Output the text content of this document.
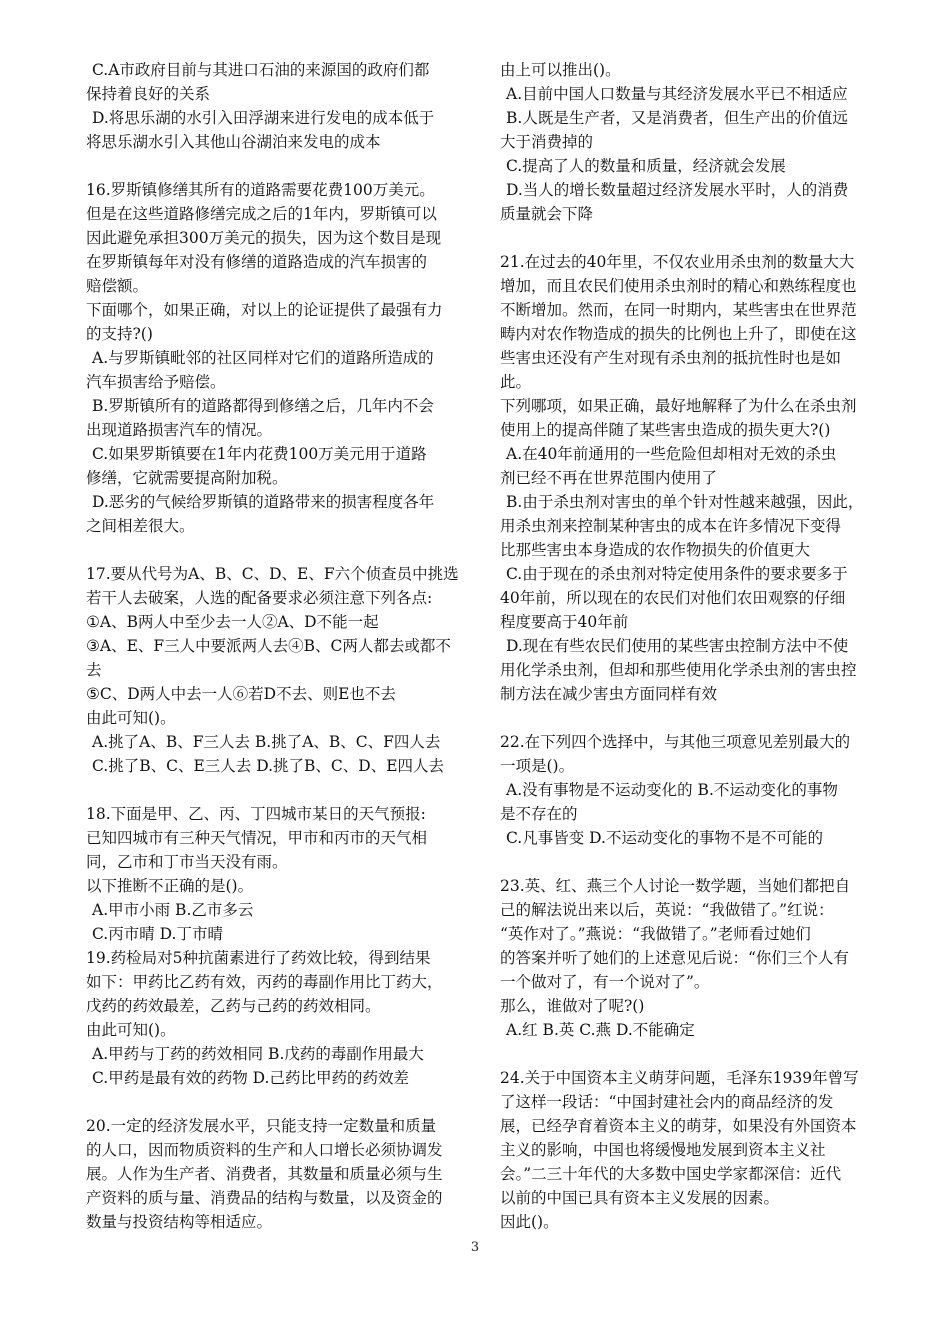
C.A市政府目前与其进口石油的来源国的政府们都
保持着良好的关系
D.将思乐湖的水引入田浮湖来进行发电的成本低于
将思乐湖水引入其他山谷湖泊来发电的成本
16.罗斯镇修缮其所有的道路需要花费100万美元。
但是在这些道路修缮完成之后的1年内，罗斯镇可以
因此避免承担300万美元的损失，因为这个数目是现
在罗斯镇每年对没有修缮的道路造成的汽车损害的
赔偿额。
下面哪个，如果正确，对以上的论证提供了最强有力
的支持?()
A.与罗斯镇毗邻的社区同样对它们的道路所造成的
汽车损害给予赔偿。
B.罗斯镇所有的道路都得到修缮之后，几年内不会
出现道路损害汽车的情况。
C.如果罗斯镇要在1年内花费100万美元用于道路
修缮，它就需要提高附加税。
D.恶劣的气候给罗斯镇的道路带来的损害程度各年
之间相差很大。
17.要从代号为A、B、C、D、E、F六个侦查员中挑选
若干人去破案，人选的配备要求必须注意下列各点:
①A、B两人中至少去一人②A、D不能一起
③A、E、F三人中要派两人去④B、C两人都去或都不
去
⑤C、D两人中去一人⑥若D不去、则E也不去
由此可知()。
A.挑了A、B、F三人去 B.挑了A、B、C、F四人去
C.挑了B、C、E三人去 D.挑了B、C、D、E四人去
18.下面是甲、乙、丙、丁四城市某日的天气预报:
已知四城市有三种天气情况，甲市和丙市的天气相
同，乙市和丁市当天没有雨。
以下推断不正确的是()。
A.甲市小雨 B.乙市多云
C.丙市晴 D.丁市晴
19.药检局对5种抗菌素进行了药效比较，得到结果
如下：甲药比乙药有效，丙药的毒副作用比丁药大，
戊药的药效最差，乙药与己药的药效相同。
由此可知()。
A.甲药与丁药的药效相同 B.戊药的毒副作用最大
C.甲药是最有效的药物 D.己药比甲药的药效差
20.一定的经济发展水平，只能支持一定数量和质量
的人口，因而物质资料的生产和人口增长必须协调发
展。人作为生产者、消费者，其数量和质量必须与生
产资料的质与量、消费品的结构与数量，以及资金的
数量与投资结构等相适应。
由上可以推出()。
A.目前中国人口数量与其经济发展水平已不相适应
B.人既是生产者，又是消费者，但生产出的价值远
大于消费掉的
C.提高了人的数量和质量，经济就会发展
D.当人的增长数量超过经济发展水平时，人的消费
质量就会下降
21.在过去的40年里，不仅农业用杀虫剂的数量大大
增加，而且农民们使用杀虫剂时的精心和熟练程度也
不断增加。然而，在同一时期内，某些害虫在世界范
畴内对农作物造成的损失的比例也上升了，即使在这
些害虫还没有产生对现有杀虫剂的抵抗性时也是如
此。
下列哪项，如果正确，最好地解释了为什么在杀虫剂
使用上的提高伴随了某些害虫造成的损失更大?()
A.在40年前通用的一些危险但却相对无效的杀虫
剂已经不再在世界范围内使用了
B.由于杀虫剂对害虫的单个针对性越来越强，因此，
用杀虫剂来控制某种害虫的成本在许多情况下变得
比那些害虫本身造成的农作物损失的价值更大
C.由于现在的杀虫剂对特定使用条件的要求要多于
40年前，所以现在的农民们对他们农田观察的仔细
程度要高于40年前
D.现在有些农民们使用的某些害虫控制方法中不使
用化学杀虫剂，但却和那些使用化学杀虫剂的害虫控
制方法在减少害虫方面同样有效
22.在下列四个选择中，与其他三项意见差别最大的
一项是()。
A.没有事物是不运动变化的 B.不运动变化的事物
是不存在的
C.凡事皆变 D.不运动变化的事物不是不可能的
23.英、红、燕三个人讨论一数学题，当她们都把自
己的解法说出来以后，英说：“我做错了。”红说：
“英作对了。”燕说：“我做错了。”老师看过她们
的答案并听了她们的上述意见后说：“你们三个人有
一个做对了，有一个说对了”。
那么，谁做对了呢?()
A.红 B.英 C.燕 D.不能确定
24.关于中国资本主义萌芽问题，毛泽东1939年曾写
了这样一段话：“中国封建社会内的商品经济的发
展，已经孕育着资本主义的萌芽，如果没有外国资本
主义的影响，中国也将缓慢地发展到资本主义社
会。”二三十年代的大多数中国史学家都深信：近代
以前的中国已具有资本主义发展的因素。
因此()。
3
